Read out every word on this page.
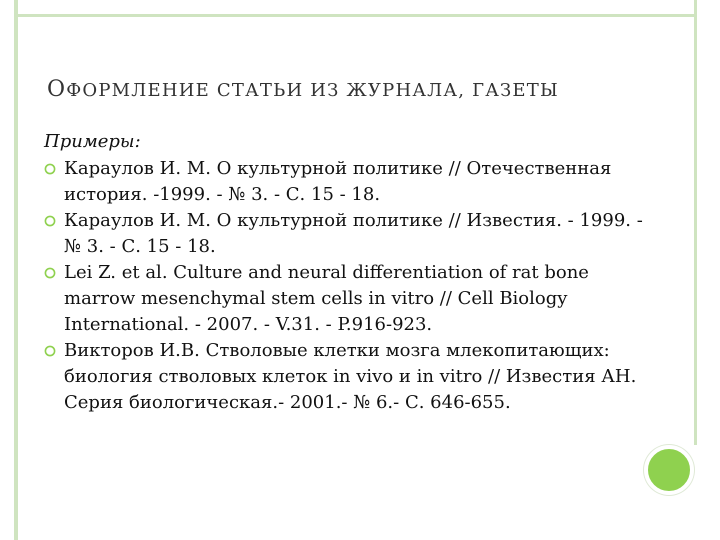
ОФОРМЛЕНИЕ СТАТЬИ ИЗ ЖУРНАЛА, ГАЗЕТЫ
Примеры:
Караулов И. М. О культурной политике // Отечественная история. -1999. - № 3. - С. 15 - 18.
Караулов И. М. О культурной политике // Известия. - 1999. - № 3. - С. 15 - 18.
Lei Z. et al. Culture and neural differentiation of rat bone marrow mesenchymal stem cells in vitro // Cell Biology International. - 2007. - V.31. - P.916-923.
Викторов И.В. Стволовые клетки мозга млекопитающих: биология стволовых клеток in vivo и in vitro // Известия АН. Серия биологическая.- 2001.- № 6.- С. 646-655.
